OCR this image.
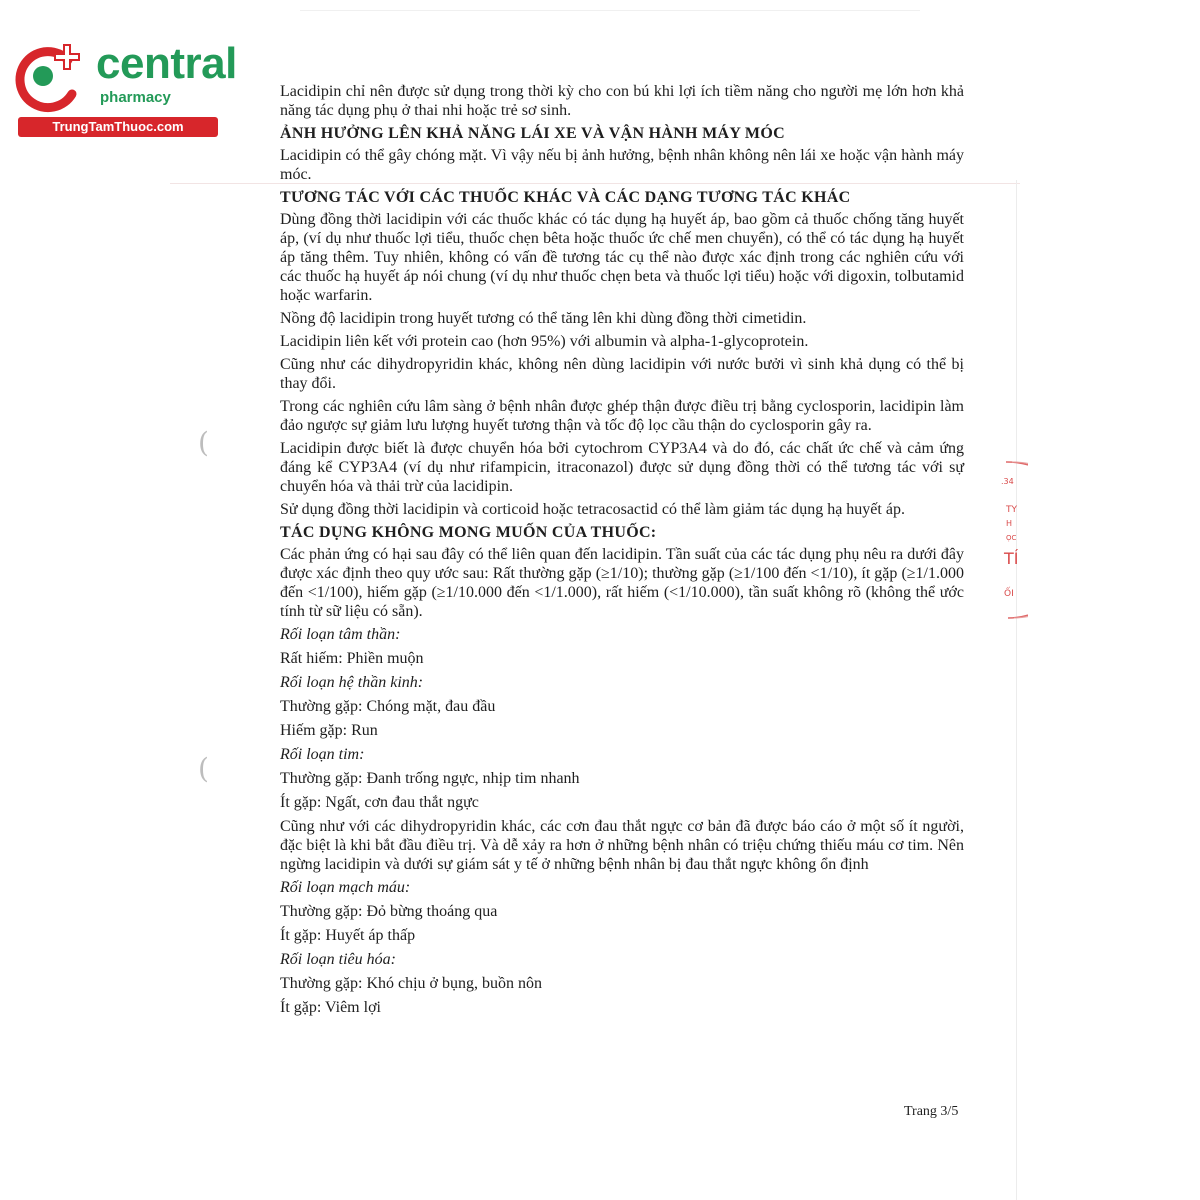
central
pharmacy
TrungTamThuoc.com
(
(
.34
TY
H
ỌC
TÍ
ỐI

Lacidipin chỉ nên được sử dụng trong thời kỳ cho con bú khi lợi ích tiềm năng cho người mẹ lớn hơn khả năng tác dụng phụ ở thai nhi hoặc trẻ sơ sinh.

ẢNH HƯỞNG LÊN KHẢ NĂNG LÁI XE VÀ VẬN HÀNH MÁY MÓC

Lacidipin có thể gây chóng mặt. Vì vậy nếu bị ảnh hưởng, bệnh nhân không nên lái xe hoặc vận hành máy móc.

TƯƠNG TÁC VỚI CÁC THUỐC KHÁC VÀ CÁC DẠNG TƯƠNG TÁC KHÁC

Dùng đồng thời lacidipin với các thuốc khác có tác dụng hạ huyết áp, bao gồm cả thuốc chống tăng huyết áp, (ví dụ như thuốc lợi tiểu, thuốc chẹn bêta hoặc thuốc ức chế men chuyển), có thể có tác dụng hạ huyết áp tăng thêm. Tuy nhiên, không có vấn đề tương tác cụ thể nào được xác định trong các nghiên cứu với các thuốc hạ huyết áp nói chung (ví dụ như thuốc chẹn beta và thuốc lợi tiểu) hoặc với digoxin, tolbutamid hoặc warfarin.

Nồng độ lacidipin trong huyết tương có thể tăng lên khi dùng đồng thời cimetidin.

Lacidipin liên kết với protein cao (hơn 95%) với albumin và alpha-1-glycoprotein.

Cũng như các dihydropyridin khác, không nên dùng lacidipin với nước bưởi vì sinh khả dụng có thể bị thay đổi.

Trong các nghiên cứu lâm sàng ở bệnh nhân được ghép thận được điều trị bằng cyclosporin, lacidipin làm đảo ngược sự giảm lưu lượng huyết tương thận và tốc độ lọc cầu thận do cyclosporin gây ra.

Lacidipin được biết là được chuyển hóa bởi cytochrom CYP3A4 và do đó, các chất ức chế và cảm ứng đáng kể CYP3A4 (ví dụ như rifampicin, itraconazol) được sử dụng đồng thời có thể tương tác với sự chuyển hóa và thải trừ của lacidipin.

Sử dụng đồng thời lacidipin và corticoid hoặc tetracosactid có thể làm giảm tác dụng hạ huyết áp.

TÁC DỤNG KHÔNG MONG MUỐN CỦA THUỐC:

Các phản ứng có hại sau đây có thể liên quan đến lacidipin. Tần suất của các tác dụng phụ nêu ra dưới đây được xác định theo quy ước sau: Rất thường gặp (≥1/10); thường gặp (≥1/100 đến <1/10), ít gặp (≥1/1.000 đến <1/100), hiếm gặp (≥1/10.000 đến <1/1.000), rất hiếm (<1/10.000), tần suất không rõ (không thể ước tính từ sữ liệu có sẵn).

Rối loạn tâm thần:
Rất hiếm: Phiền muộn
Rối loạn hệ thần kinh:
Thường gặp: Chóng mặt, đau đầu
Hiếm gặp: Run
Rối loạn tim:
Thường gặp: Đanh trống ngực, nhịp tim nhanh
Ít gặp: Ngất, cơn đau thắt ngực

Cũng như với các dihydropyridin khác, các cơn đau thắt ngực cơ bản đã được báo cáo ở một số ít người, đặc biệt là khi bắt đầu điều trị. Và dễ xảy ra hơn ở những bệnh nhân có triệu chứng thiếu máu cơ tim. Nên ngừng lacidipin và dưới sự giám sát y tế ở những bệnh nhân bị đau thắt ngực không ổn định

Rối loạn mạch máu:
Thường gặp: Đỏ bừng thoáng qua
Ít gặp: Huyết áp thấp
Rối loạn tiêu hóa:
Thường gặp: Khó chịu ở bụng, buồn nôn
Ít gặp: Viêm lợi
Trang 3/5
